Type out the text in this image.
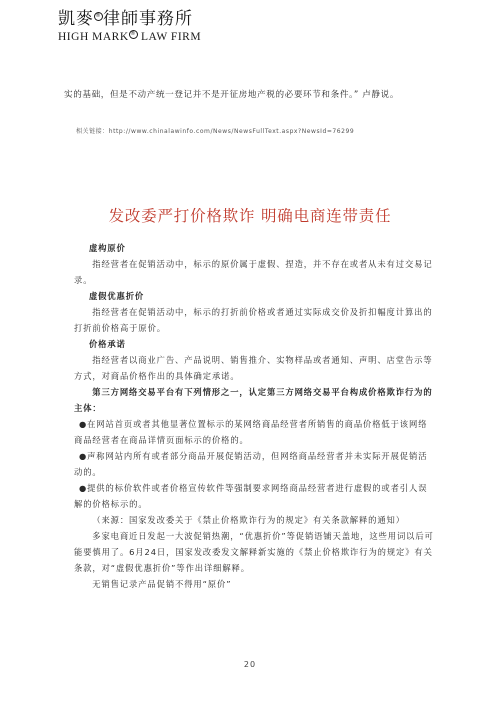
凱麥 ®律師事務所
HIGH MARK ® LAW FIRM

实的基础，但是不动产统一登记并不是开征房地产税的必要环节和条件。” 卢静说。

相关链接：http://www.chinalawinfo.com/News/NewsFullText.aspx?NewsId=76299
发改委严打价格欺诈 明确电商连带责任

虚构原价

指经营者在促销活动中，标示的原价属于虚假、捏造，并不存在或者从未有过交易记录。

虚假优惠折价

指经营者在促销活动中，标示的打折前价格或者通过实际成交价及折扣幅度计算出的打折前价格高于原价。

价格承诺

指经营者以商业广告、产品说明、销售推介、实物样品或者通知、声明、店堂告示等方式，对商品价格作出的具体确定承诺。

第三方网络交易平台有下列情形之一，认定第三方网络交易平台构成价格欺诈行为的主体：

●在网站首页或者其他显著位置标示的某网络商品经营者所销售的商品价格低于该网络商品经营者在商品详情页面标示的价格的。

●声称网站内所有或者部分商品开展促销活动，但网络商品经营者并未实际开展促销活动的。

●提供的标价软件或者价格宣传软件等强制要求网络商品经营者进行虚假的或者引人误解的价格标示的。

（来源：国家发改委关于《禁止价格欺诈行为的规定》有关条款解释的通知）

多家电商近日发起一大波促销热潮，“优惠折价”等促销语铺天盖地，这些用词以后可能要慎用了。6月24日，国家发改委发文解释新实施的《禁止价格欺诈行为的规定》有关条款，对“虚假优惠折价”等作出详细解释。

无销售记录产品促销不得用“原价”

20
